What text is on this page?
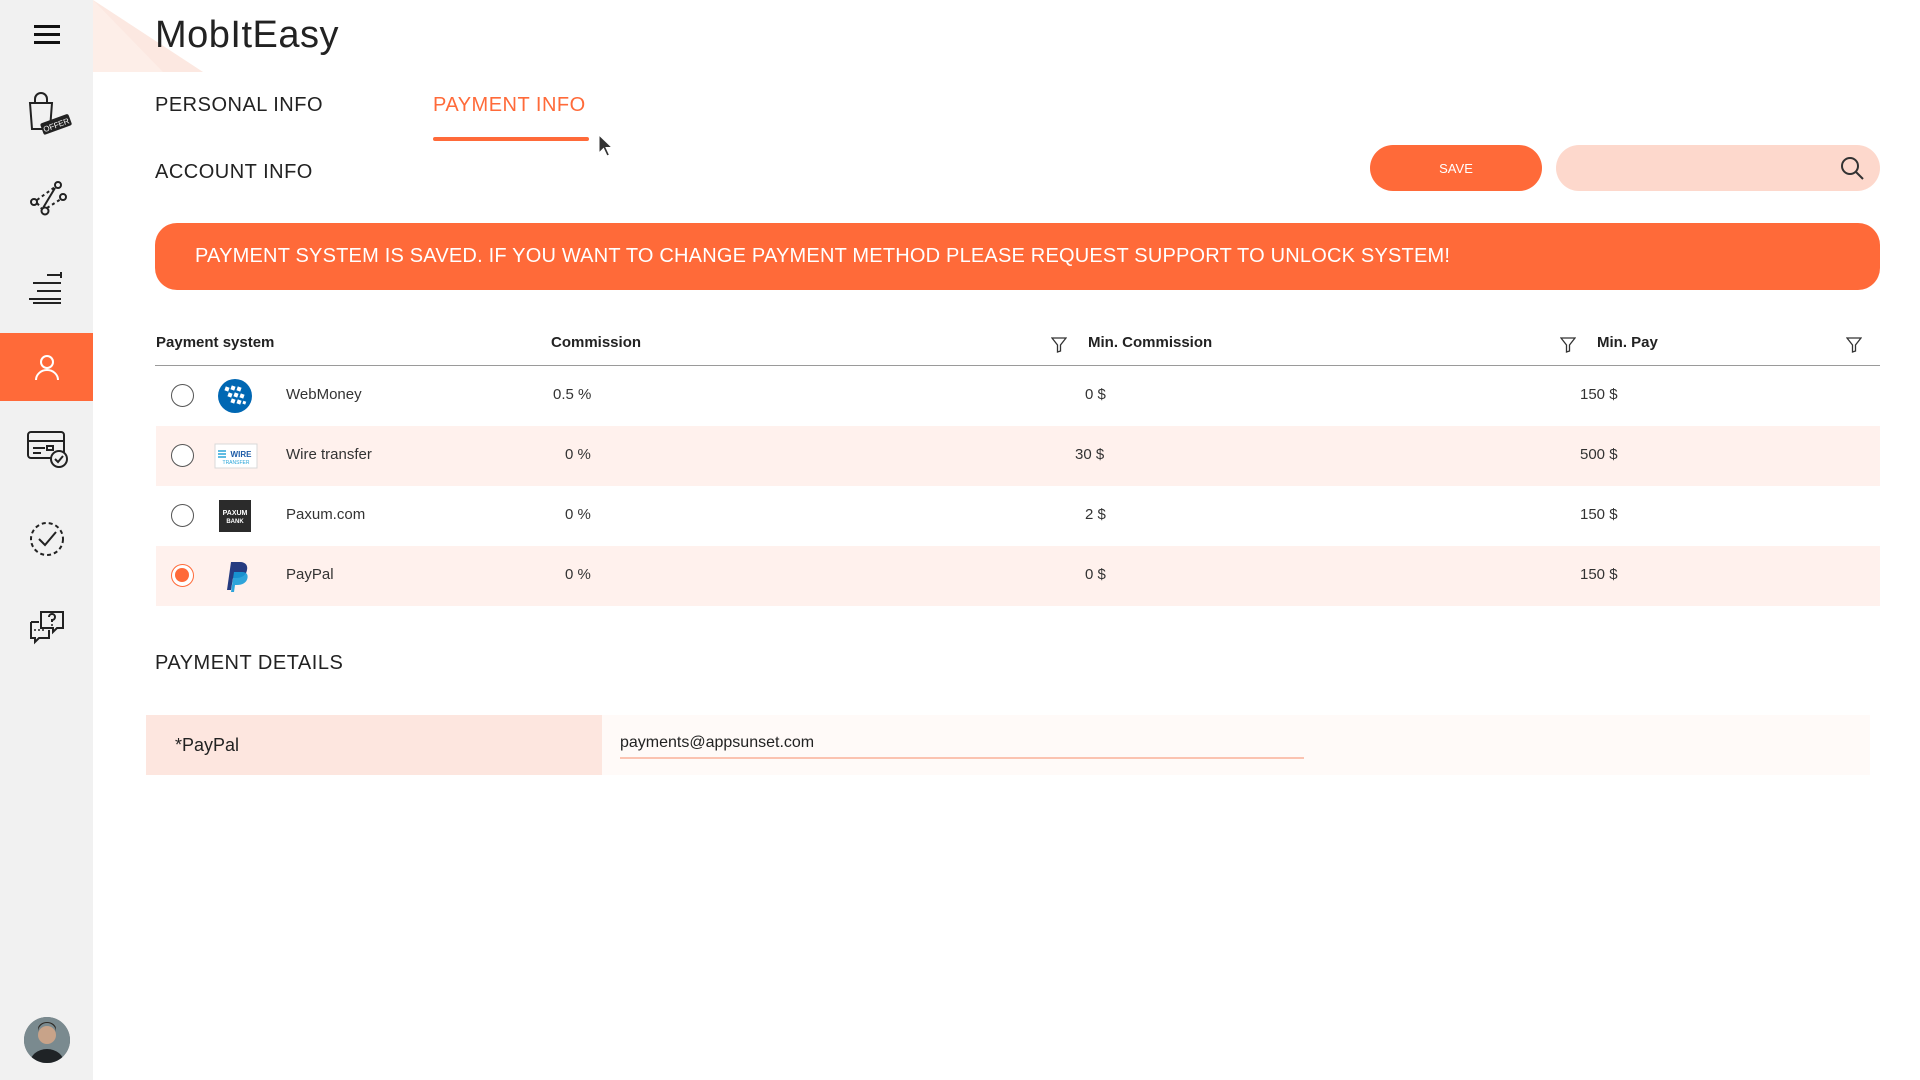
OFFER
MobItEasy
PERSONAL INFO	PAYMENT INFO
ACCOUNT INFO	SAVE
PAYMENT SYSTEM IS SAVED. IF YOU WANT TO CHANGE PAYMENT METHOD PLEASE REQUEST SUPPORT TO UNLOCK SYSTEM!
Payment system	Commission	Min. Commission	Min. Pay
WebMoney	0.5 %	0 $	150 $
WIRE
TRANSFER Wire transfer	0 %	30 $	500 $
PAXUM
BANK	Paxum.com	0 %	2 $	150 $
PayPal	0 %	0 $	150 $
PAYMENT DETAILS
*PayPal
payments@appsunset.com
